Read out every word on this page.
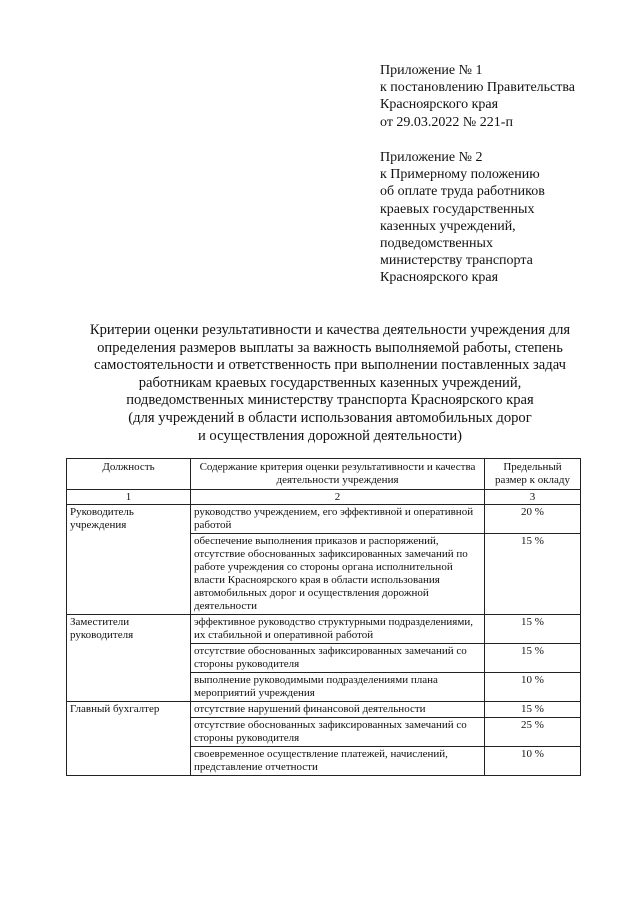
Приложение № 1
к постановлению Правительства
Красноярского края
от 29.03.2022 № 221-п
Приложение № 2
к Примерному положению
об оплате труда работников
краевых государственных
казенных учреждений,
подведомственных
министерству транспорта
Красноярского края
Критерии оценки результативности и качества деятельности учреждения для
определения размеров выплаты за важность выполняемой работы, степень
самостоятельности и ответственность при выполнении поставленных задач
работникам краевых государственных казенных учреждений,
подведомственных министерству транспорта Красноярского края
(для учреждений в области использования автомобильных дорог
и осуществления дорожной деятельности)
Должность	Содержание критерия оценки результативности и качества деятельности учреждения	Предельный размер к окладу
1	2	3
Руководитель учреждения	руководство учреждением, его эффективной и оперативной работой	20 %
	обеспечение выполнения приказов и распоряжений, отсутствие обоснованных зафиксированных замечаний по работе учреждения со стороны органа исполнительной власти Красноярского края в области использования автомобильных дорог и осуществления дорожной деятельности	15 %
Заместители руководителя	эффективное руководство структурными подразделениями, их стабильной и оперативной работой	15 %
	отсутствие обоснованных зафиксированных замечаний со стороны руководителя	15 %
	выполнение руководимыми подразделениями плана мероприятий учреждения	10 %
Главный бухгалтер	отсутствие нарушений финансовой деятельности	15 %
	отсутствие обоснованных зафиксированных замечаний со стороны руководителя	25 %
	своевременное осуществление платежей, начислений, представление отчетности	10 %
